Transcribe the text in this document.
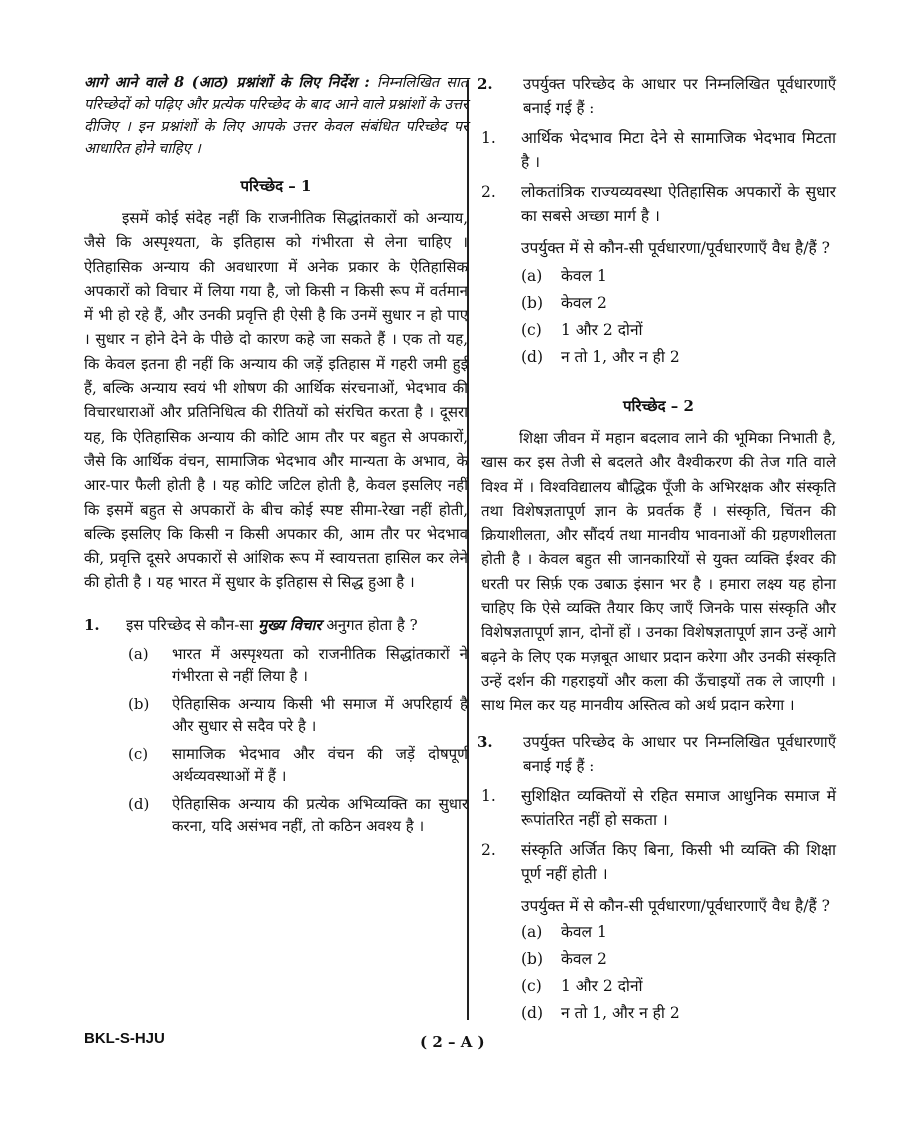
आगे आने वाले 8 (आठ) प्रश्नांशों के लिए निर्देश : निम्नलिखित सात परिच्छेदों को पढ़िए और प्रत्येक परिच्छेद के बाद आने वाले प्रश्नांशों के उत्तर दीजिए । इन प्रश्नांशों के लिए आपके उत्तर केवल संबंधित परिच्छेद पर आधारित होने चाहिए ।

परिच्छेद – 1

इसमें कोई संदेह नहीं कि राजनीतिक सिद्धांतकारों को अन्याय, जैसे कि अस्पृश्यता, के इतिहास को गंभीरता से लेना चाहिए । ऐतिहासिक अन्याय की अवधारणा में अनेक प्रकार के ऐतिहासिक अपकारों को विचार में लिया गया है, जो किसी न किसी रूप में वर्तमान में भी हो रहे हैं, और उनकी प्रवृत्ति ही ऐसी है कि उनमें सुधार न हो पाए । सुधार न होने देने के पीछे दो कारण कहे जा सकते हैं । एक तो यह, कि केवल इतना ही नहीं कि अन्याय की जड़ें इतिहास में गहरी जमी हुई हैं, बल्कि अन्याय स्वयं भी शोषण की आर्थिक संरचनाओं, भेदभाव की विचारधाराओं और प्रतिनिधित्व की रीतियों को संरचित करता है । दूसरा यह, कि ऐतिहासिक अन्याय की कोटि आम तौर पर बहुत से अपकारों, जैसे कि आर्थिक वंचन, सामाजिक भेदभाव और मान्यता के अभाव, के आर-पार फैली होती है । यह कोटि जटिल होती है, केवल इसलिए नहीं कि इसमें बहुत से अपकारों के बीच कोई स्पष्ट सीमा-रेखा नहीं होती, बल्कि इसलिए कि किसी न किसी अपकार की, आम तौर पर भेदभाव की, प्रवृत्ति दूसरे अपकारों से आंशिक रूप में स्वायत्तता हासिल कर लेने की होती है । यह भारत में सुधार के इतिहास से सिद्ध हुआ है ।

1. इस परिच्छेद से कौन-सा मुख्य विचार अनुगत होता है ?

(a) भारत में अस्पृश्यता को राजनीतिक सिद्धांतकारों ने गंभीरता से नहीं लिया है ।
(b) ऐतिहासिक अन्याय किसी भी समाज में अपरिहार्य है और सुधार से सदैव परे है ।
(c) सामाजिक भेदभाव और वंचन की जड़ें दोषपूर्ण अर्थव्यवस्थाओं में हैं ।
(d) ऐतिहासिक अन्याय की प्रत्येक अभिव्यक्ति का सुधार करना, यदि असंभव नहीं, तो कठिन अवश्य है ।
2. उपर्युक्त परिच्छेद के आधार पर निम्नलिखित पूर्वधारणाएँ बनाई गई हैं :

1. आर्थिक भेदभाव मिटा देने से सामाजिक भेदभाव मिटता है ।
2. लोकतांत्रिक राज्यव्यवस्था ऐतिहासिक अपकारों के सुधार का सबसे अच्छा मार्ग है ।

उपर्युक्त में से कौन-सी पूर्वधारणा/पूर्वधारणाएँ वैध है/हैं ?

(a) केवल 1
(b) केवल 2
(c) 1 और 2 दोनों
(d) न तो 1, और न ही 2
परिच्छेद – 2

शिक्षा जीवन में महान बदलाव लाने की भूमिका निभाती है, खास कर इस तेजी से बदलते और वैश्वीकरण की तेज गति वाले विश्व में । विश्वविद्यालय बौद्धिक पूँजी के अभिरक्षक और संस्कृति तथा विशेषज्ञतापूर्ण ज्ञान के प्रवर्तक हैं । संस्कृति, चिंतन की क्रियाशीलता, और सौंदर्य तथा मानवीय भावनाओं की ग्रहणशीलता होती है । केवल बहुत सी जानकारियों से युक्त व्यक्ति ईश्वर की धरती पर सिर्फ़ एक उबाऊ इंसान भर है । हमारा लक्ष्य यह होना चाहिए कि ऐसे व्यक्ति तैयार किए जाएँ जिनके पास संस्कृति और विशेषज्ञतापूर्ण ज्ञान, दोनों हों । उनका विशेषज्ञतापूर्ण ज्ञान उन्हें आगे बढ़ने के लिए एक मज़बूत आधार प्रदान करेगा और उनकी संस्कृति उन्हें दर्शन की गहराइयों और कला की ऊँचाइयों तक ले जाएगी । साथ मिल कर यह मानवीय अस्तित्व को अर्थ प्रदान करेगा ।

3. उपर्युक्त परिच्छेद के आधार पर निम्नलिखित पूर्वधारणाएँ बनाई गई हैं :

1. सुशिक्षित व्यक्तियों से रहित समाज आधुनिक समाज में रूपांतरित नहीं हो सकता ।
2. संस्कृति अर्जित किए बिना, किसी भी व्यक्ति की शिक्षा पूर्ण नहीं होती ।

उपर्युक्त में से कौन-सी पूर्वधारणा/पूर्वधारणाएँ वैध है/हैं ?

(a) केवल 1
(b) केवल 2
(c) 1 और 2 दोनों
(d) न तो 1, और न ही 2
BKL-S-HJU	( 2 – A )
